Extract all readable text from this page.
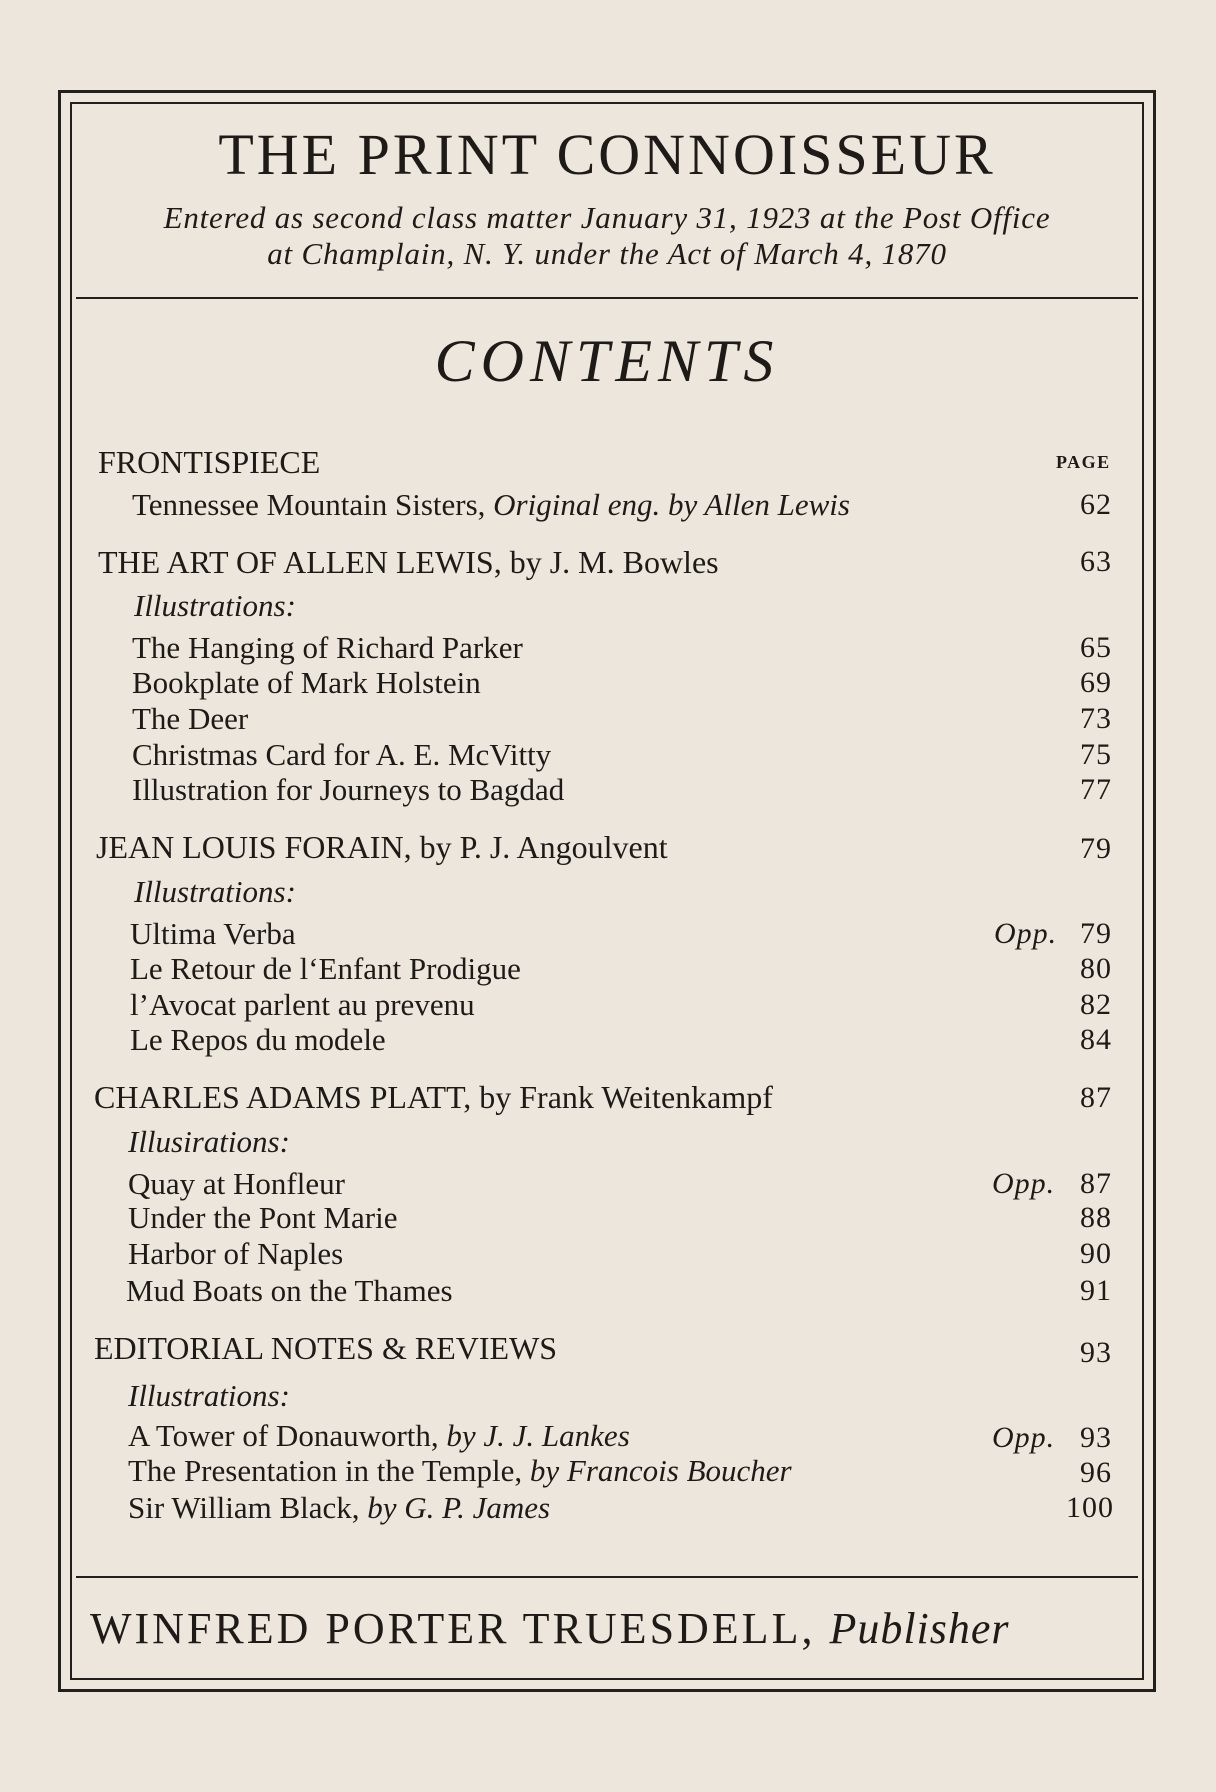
THE PRINT CONNOISSEUR
Entered as second class matter January 31, 1923 at the Post Office
at Champlain, N. Y. under the Act of March 4, 1870
CONTENTS
PAGE
FRONTISPIECE
Tennessee Mountain Sisters, Original eng. by Allen Lewis	62
THE ART OF ALLEN LEWIS, by J. M. Bowles	63
Illustrations:
The Hanging of Richard Parker	65
Bookplate of Mark Holstein	69
The Deer	73
Christmas Card for A. E. McVitty	75
Illustration for Journeys to Bagdad	77
JEAN LOUIS FORAIN, by P. J. Angoulvent	79
Illustrations:
Ultima Verba	Opp. 79
Le Retour de l‘Enfant Prodigue	80
l’Avocat parlent au prevenu	82
Le Repos du modele	84
CHARLES ADAMS PLATT, by Frank Weitenkampf	87
Illusirations:
Quay at Honfleur	Opp. 87
Under the Pont Marie	88
Harbor of Naples	90
Mud Boats on the Thames	91
EDITORIAL NOTES & REVIEWS	93
Illustrations:
A Tower of Donauworth, by J. J. Lankes	Opp. 93
The Presentation in the Temple, by Francois Boucher	96
Sir William Black, by G. P. James	100
WINFRED PORTER TRUESDELL, Publisher
